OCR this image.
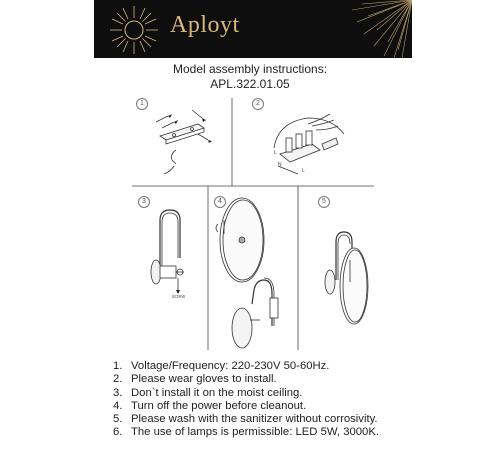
Aployt
Model assembly instructions:
APL.322.01.05
1	2
3	4	5
L
N
L
screw
1. Voltage/Frequency: 220-230V 50-60Hz.
2. Please wear gloves to install.
3. Don`t install it on the moist ceiling.
4. Turn off the power before cleanout.
5. Please wash with the sanitizer without corrosivity.
6. The use of lamps is permissible: LED 5W, 3000K.
